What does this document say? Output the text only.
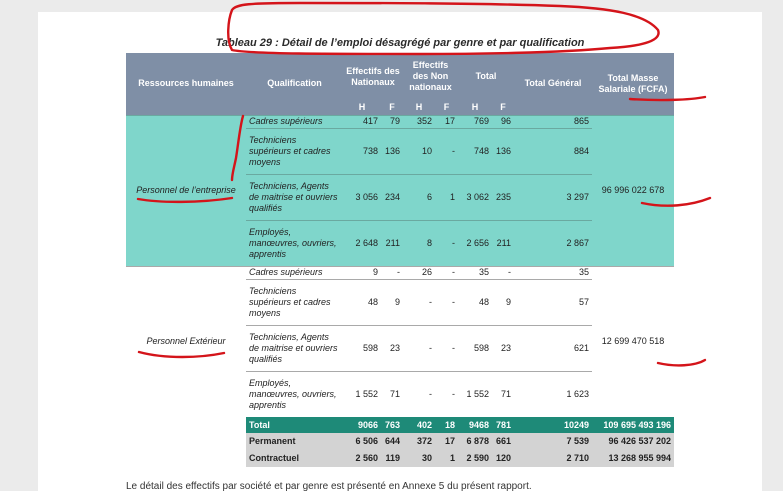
Tableau 29 : Détail de l’emploi désagrégé par genre et par qualification
Ressources humaines	Qualification	Effectifs des Nationaux		Effectifs des Non nationaux		Total		Total Général	Total Masse Salariale (FCFA)
		H	F	H	F	H	F		
Personnel de l’entreprise	Cadres supérieurs	417	79	352	17	769	96	865	96 996 022 678
	Techniciens supérieurs et cadres moyens	738	136	10	-	748	136	884	
	Techniciens, Agents de maitrise et ouvriers qualifiés	3 056	234	6	1	3 062	235	3 297	
	Employés, manœuvres, ouvriers, apprentis	2 648	211	8	-	2 656	211	2 867	
Personnel Extérieur	Cadres supérieurs	9	-	26	-	35	-	35	12 699 470 518
	Techniciens supérieurs et cadres moyens	48	9	-	-	48	9	57	
	Techniciens, Agents de maitrise et ouvriers qualifiés	598	23	-	-	598	23	621	
	Employés, manœuvres, ouvriers, apprentis	1 552	71	-	-	1 552	71	1 623	
	Total	9066	763	402	18	9468	781	10249	109 695 493 196
	Permanent	6 506	644	372	17	6 878	661	7 539	96 426 537 202
	Contractuel	2 560	119	30	1	2 590	120	2 710	13 268 955 994
Le détail des effectifs par société et par genre est présenté en Annexe 5 du présent rapport.
